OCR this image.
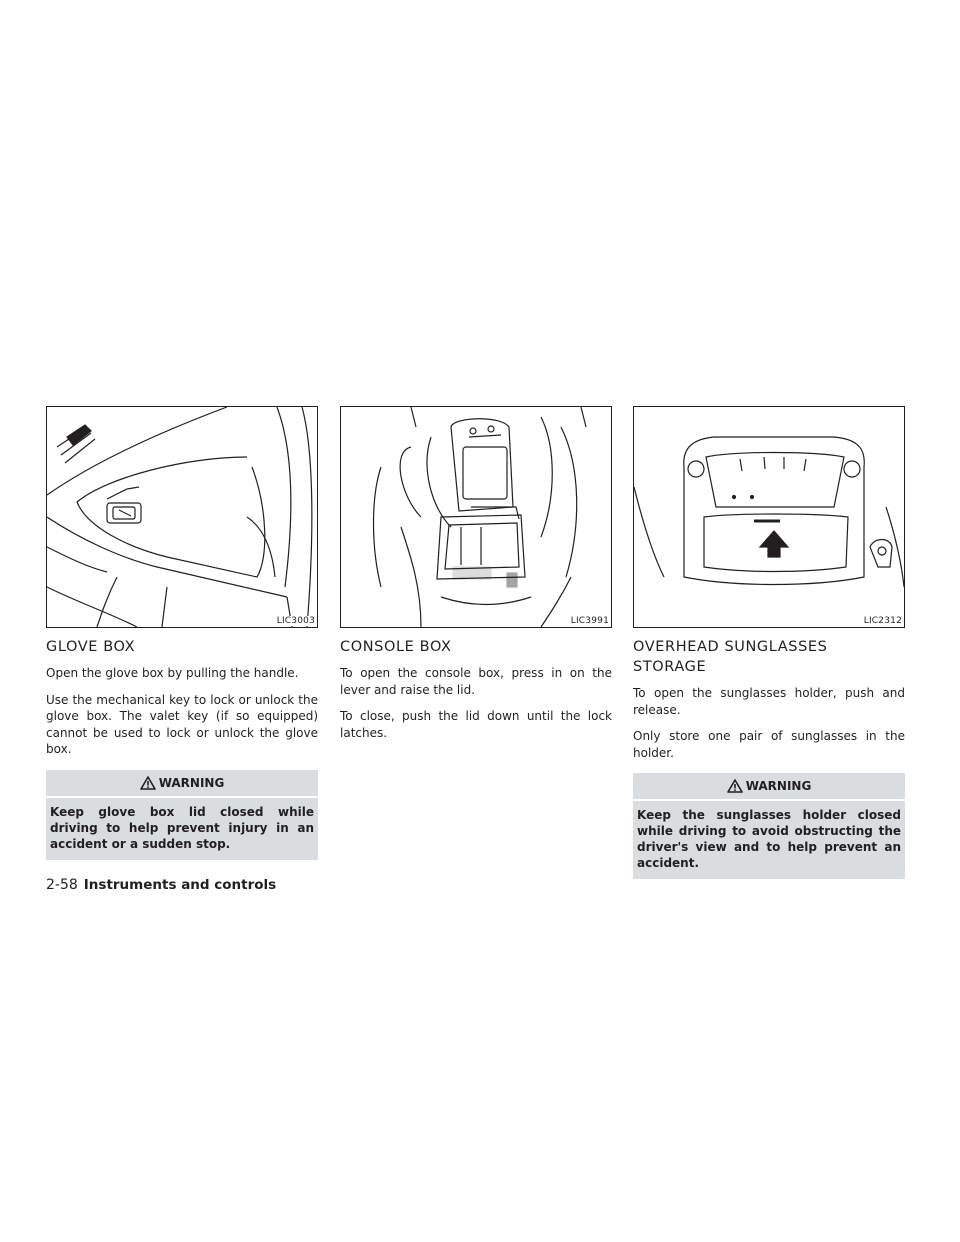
LIC3003
GLOVE BOX

Open the glove box by pulling the handle.

Use the mechanical key to lock or unlock the glove box. The valet key (if so equipped) cannot be used to lock or unlock the glove box.

WARNING

Keep glove box lid closed while driving to help prevent injury in an accident or a sudden stop.

LIC3991
CONSOLE BOX

To open the console box, press in on the lever and raise the lid.

To close, push the lid down until the lock latches.

LIC2312
OVERHEAD SUNGLASSES STORAGE

To open the sunglasses holder, push and release.

Only store one pair of sunglasses in the holder.

WARNING

Keep the sunglasses holder closed while driving to avoid obstructing the driver's view and to help prevent an accident.

2-58 Instruments and controls
